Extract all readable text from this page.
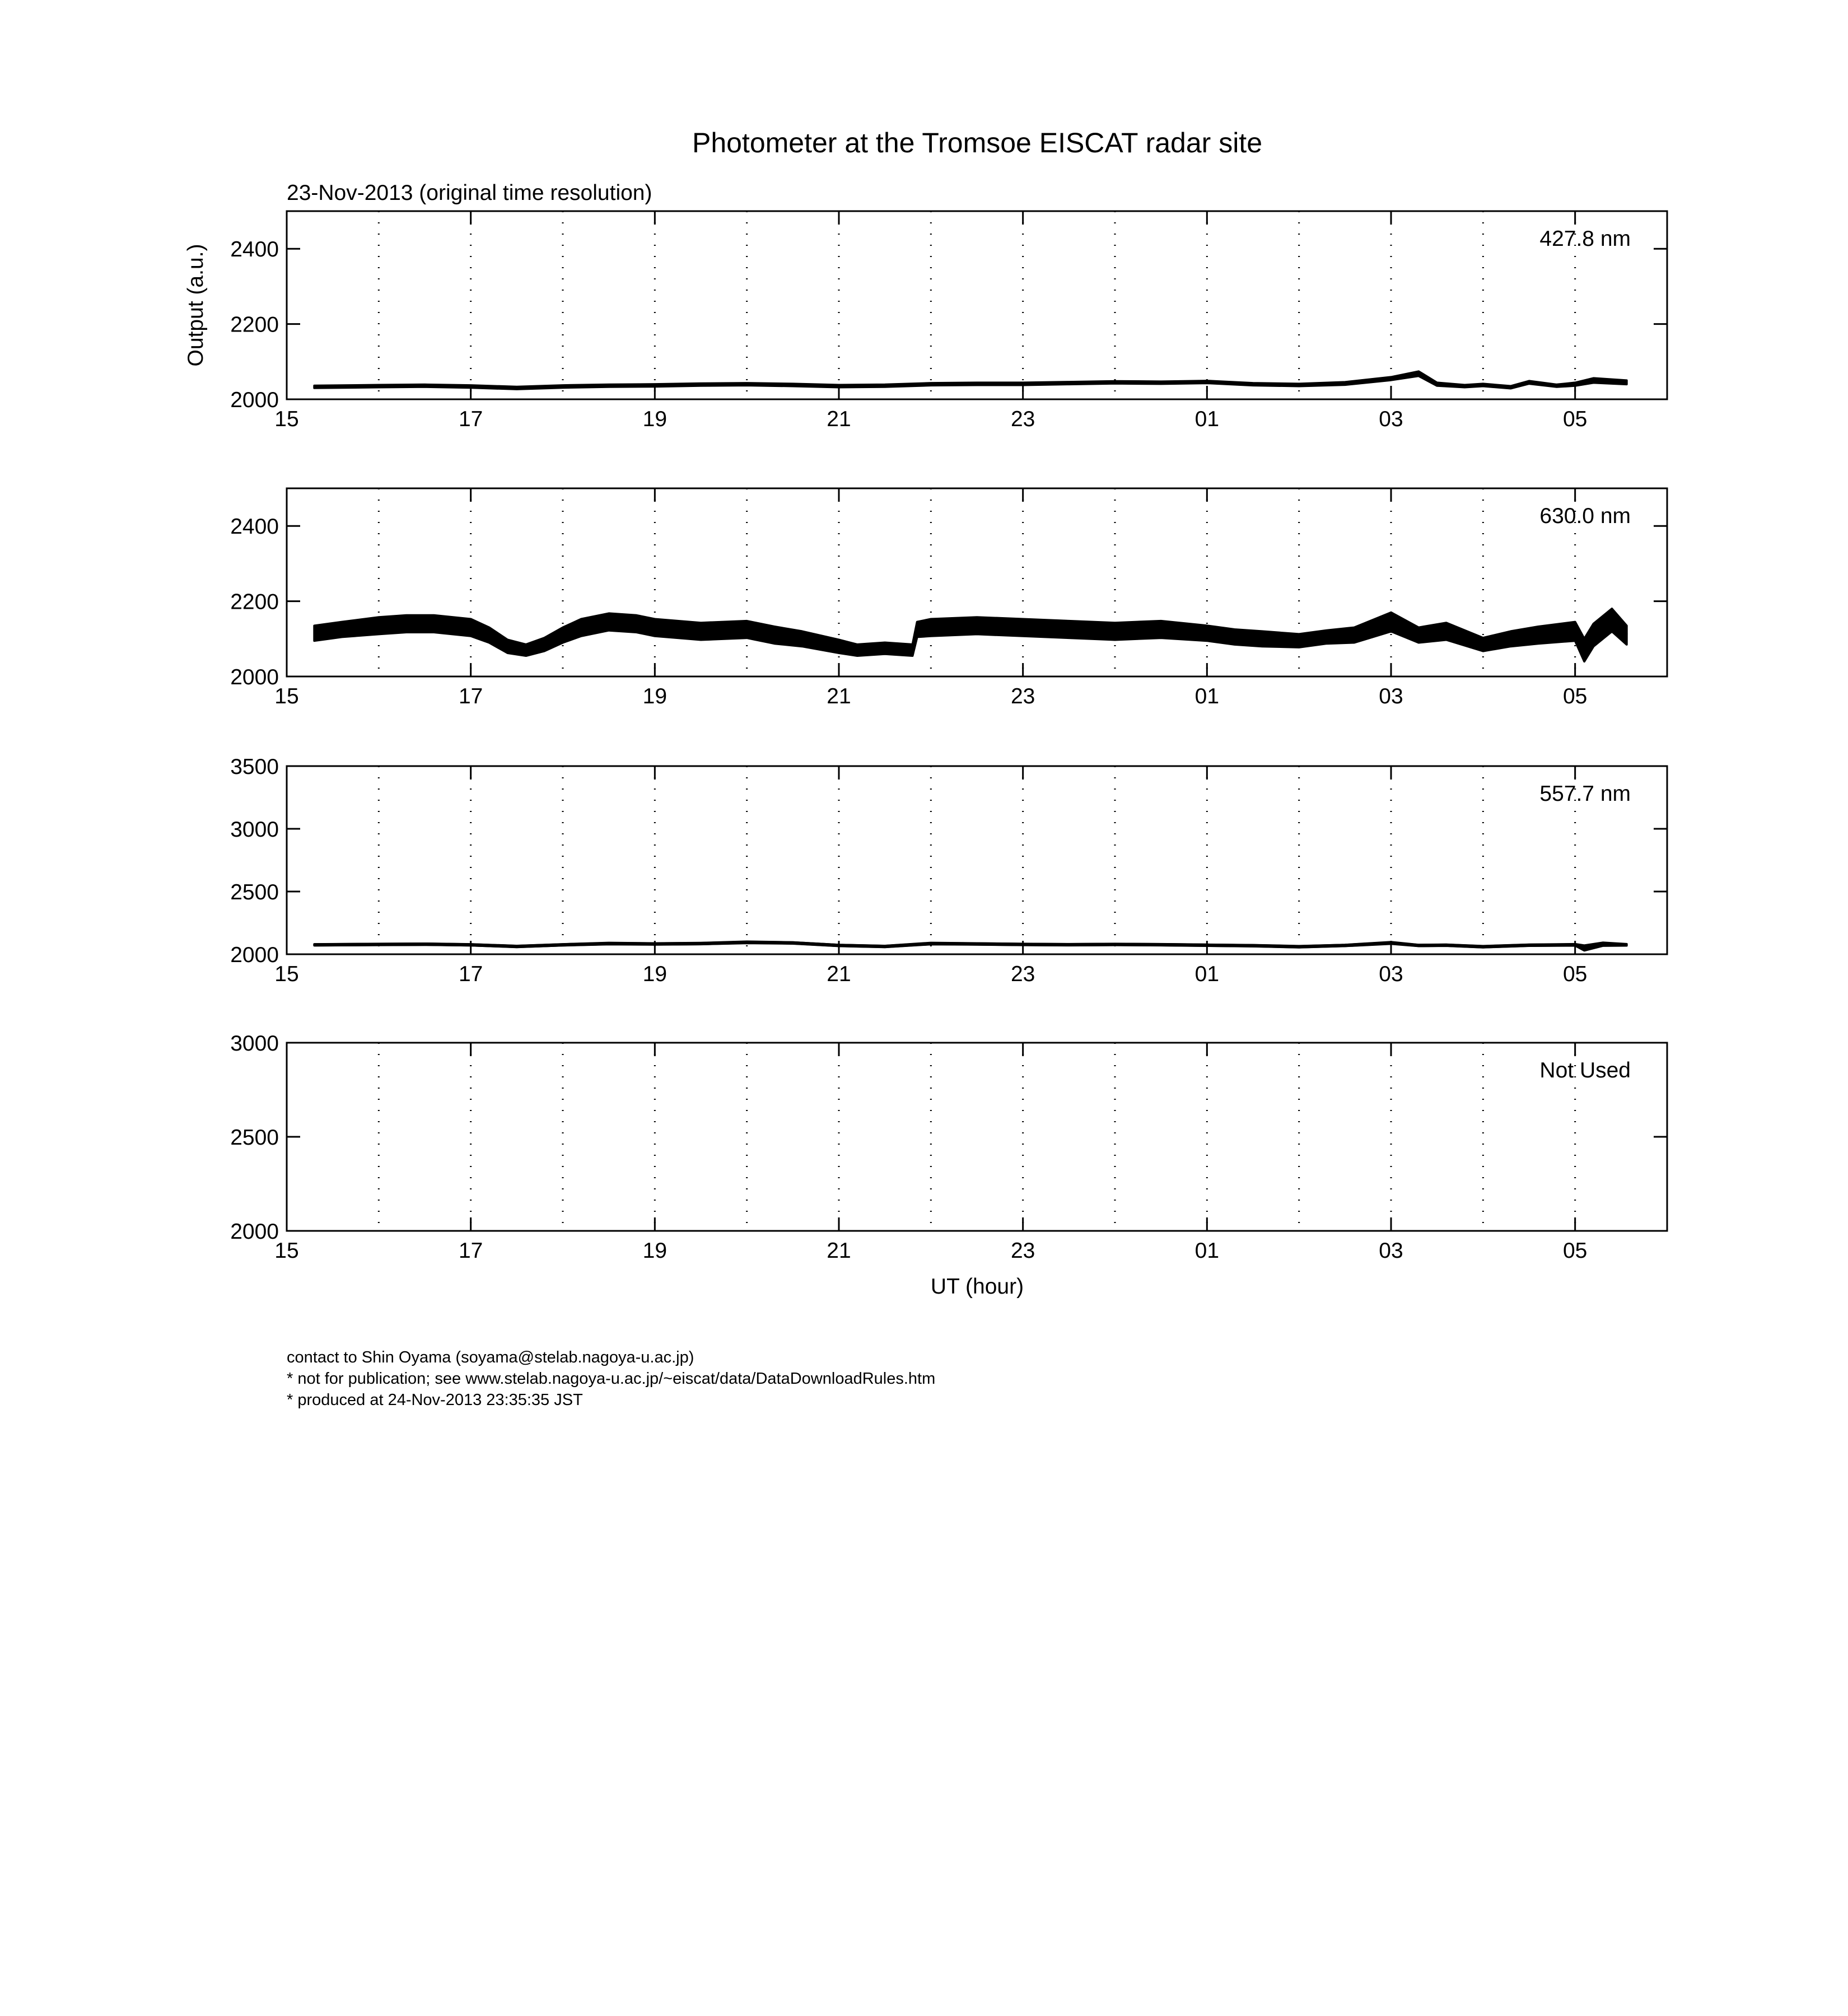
Photometer at the Tromsoe EISCAT radar site
23-Nov-2013 (original time resolution)
Output (a.u.)
UT (hour)
15	17	19	21	23	01	03	05
2000
2200
2400	427.8 nm
15	17	19	21	23	01	03	05
2000
2200
2400	630.0 nm
15	17	19	21	23	01	03	05
2000
2500
3000
3500
557.7 nm
15	17	19	21	23	01	03	05
2000
2500
3000
Not Used
contact to Shin Oyama (soyama@stelab.nagoya-u.ac.jp)
* not for publication; see www.stelab.nagoya-u.ac.jp/~eiscat/data/DataDownloadRules.htm
* produced at 24-Nov-2013 23:35:35 JST
